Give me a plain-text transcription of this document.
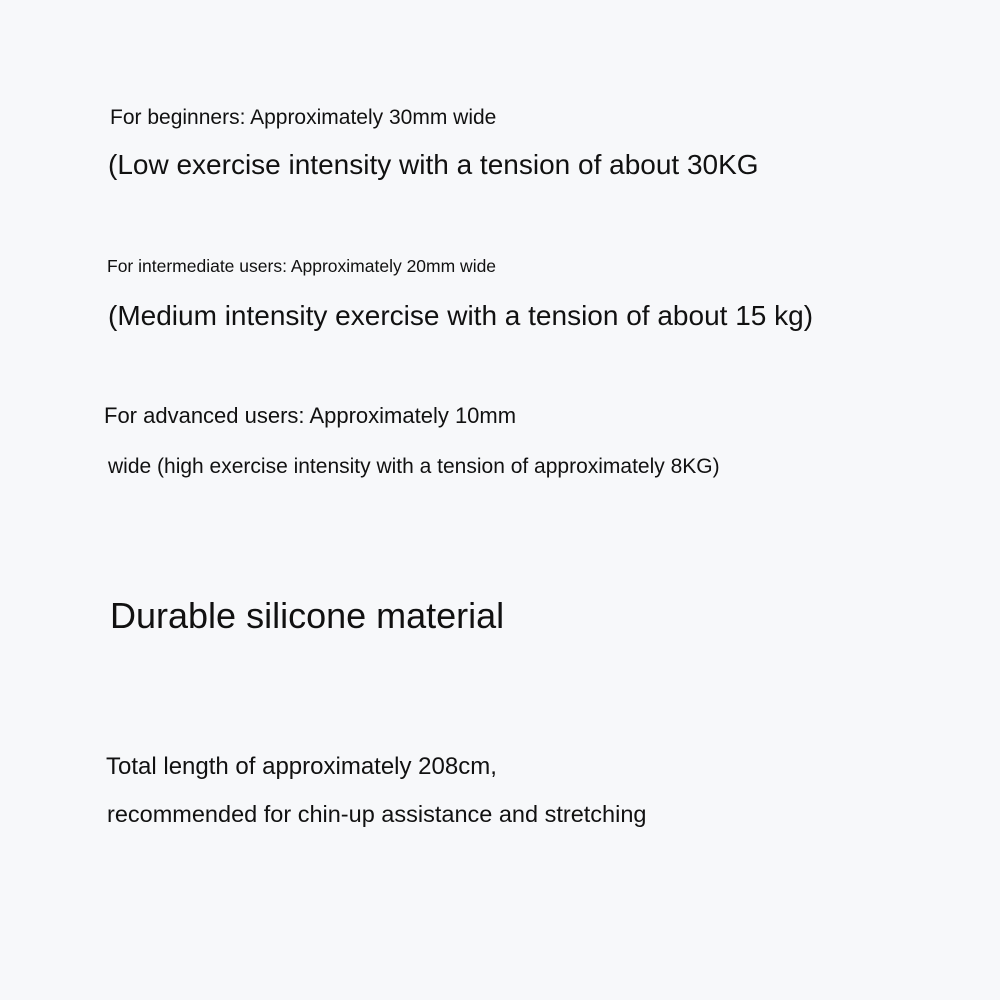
For beginners: Approximately 30mm wide
(Low exercise intensity with a tension of about 30KG
For intermediate users: Approximately 20mm wide
(Medium intensity exercise with a tension of about 15 kg)
For advanced users: Approximately 10mm
wide (high exercise intensity with a tension of approximately 8KG)
Durable silicone material
Total length of approximately 208cm,
recommended for chin-up assistance and stretching
